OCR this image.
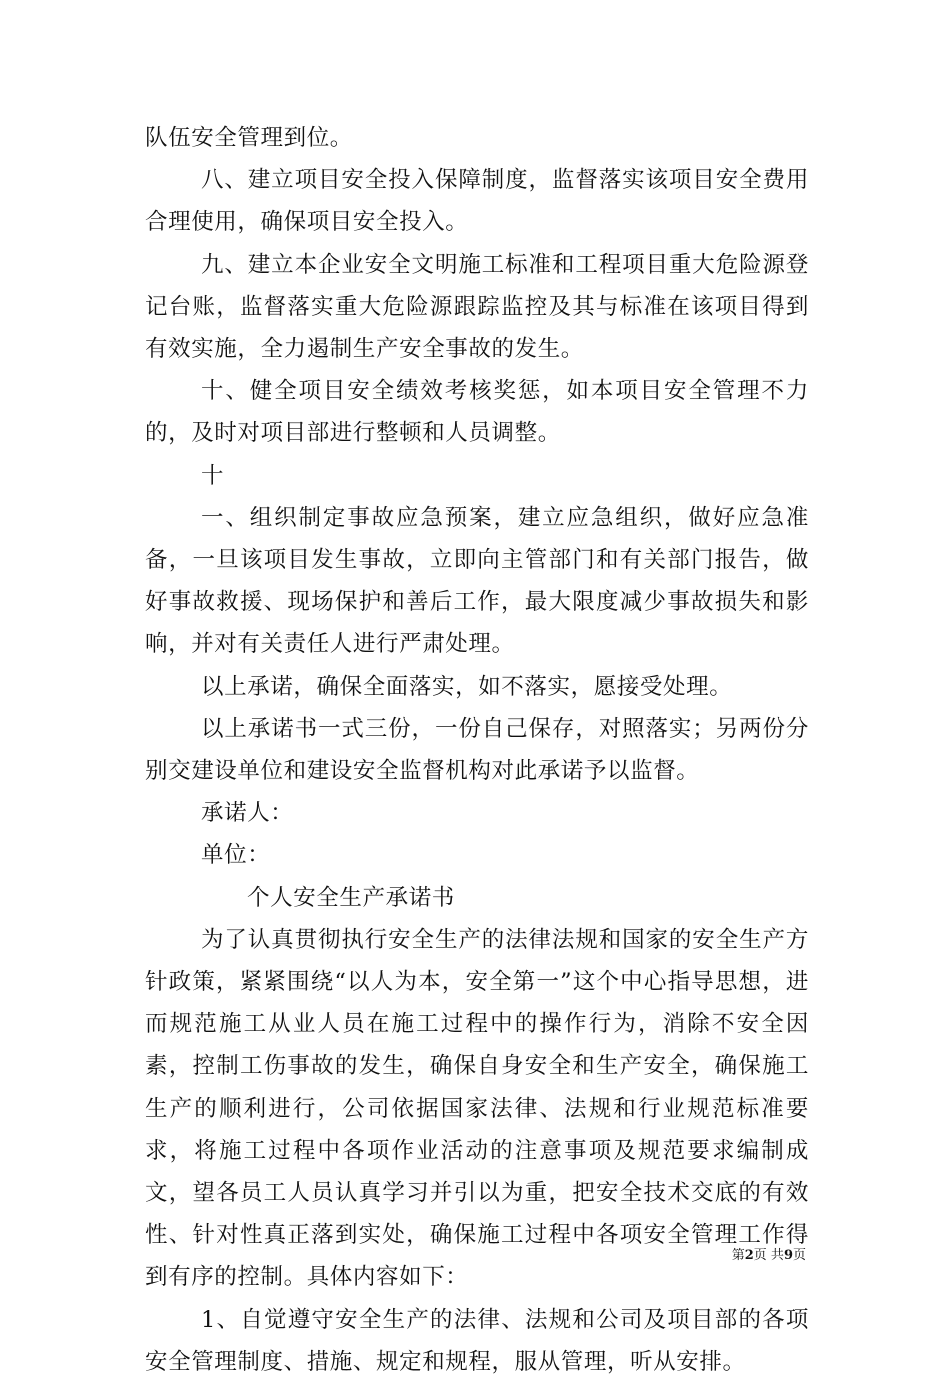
队伍安全管理到位。

八、建立项目安全投入保障制度，监督落实该项目安全费用合理使用，确保项目安全投入。

九、建立本企业安全文明施工标准和工程项目重大危险源登记台账，监督落实重大危险源跟踪监控及其与标准在该项目得到有效实施，全力遏制生产安全事故的发生。

十、健全项目安全绩效考核奖惩，如本项目安全管理不力的，及时对项目部进行整顿和人员调整。

十

一、组织制定事故应急预案，建立应急组织，做好应急准备，一旦该项目发生事故，立即向主管部门和有关部门报告，做好事故救援、现场保护和善后工作，最大限度减少事故损失和影响，并对有关责任人进行严肃处理。

以上承诺，确保全面落实，如不落实，愿接受处理。

以上承诺书一式三份，一份自己保存，对照落实；另两份分别交建设单位和建设安全监督机构对此承诺予以监督。

承诺人：

单位：

个人安全生产承诺书

为了认真贯彻执行安全生产的法律法规和国家的安全生产方针政策，紧紧围绕“以人为本，安全第一”这个中心指导思想，进而规范施工从业人员在施工过程中的操作行为，消除不安全因素，控制工伤事故的发生，确保自身安全和生产安全，确保施工生产的顺利进行，公司依据国家法律、法规和行业规范标准要求，将施工过程中各项作业活动的注意事项及规范要求编制成文，望各员工人员认真学习并引以为重，把安全技术交底的有效性、针对性真正落到实处，确保施工过程中各项安全管理工作得到有序的控制。具体内容如下：

1、自觉遵守安全生产的法律、法规和公司及项目部的各项安全管理制度、措施、规定和规程，服从管理，听从安排。

第2页 共9页
